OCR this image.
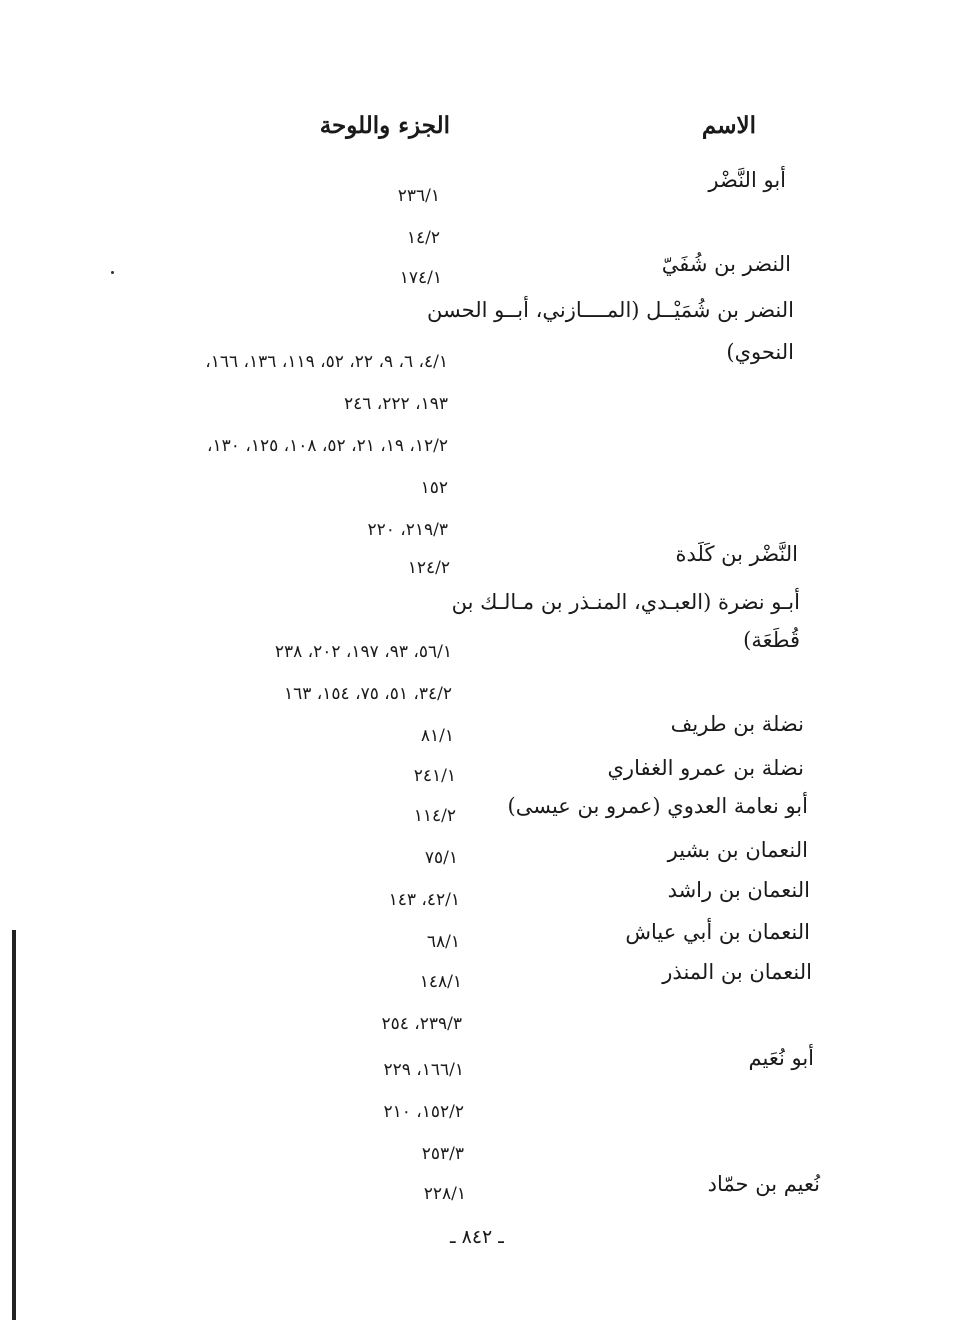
الاسم
الجزء واللوحة
أبو النَّضْر
٢٣٦/١
١٤/٢
النضر بن شُفَيّ
١٧٤/١
النضر بن شُمَيْــل (المــــازني، أبــو الحسن
النحوي)
٤/١، ٦، ٩، ٢٢، ٥٢، ١١٩، ١٣٦، ١٦٦،
١٩٣، ٢٢٢، ٢٤٦
١٢/٢، ١٩، ٢١، ٥٢، ١٠٨، ١٢٥، ١٣٠،
١٥٢
٢١٩/٣، ٢٢٠
النَّضْر بن كَلَدة
١٢٤/٢
أبـو نضرة (العبـدي، المنـذر بن مـالـك بن
قُطَعَة)
٥٦/١، ٩٣، ١٩٧، ٢٠٢، ٢٣٨
٣٤/٢، ٥١، ٧٥، ١٥٤، ١٦٣
نضلة بن طريف
٨١/١
نضلة بن عمرو الغفاري
٢٤١/١
أبو نعامة العدوي (عمرو بن عيسى)
١١٤/٢
النعمان بن بشير
٧٥/١
النعمان بن راشد
٤٢/١، ١٤٣
النعمان بن أبي عياش
٦٨/١
النعمان بن المنذر
١٤٨/١
٢٣٩/٣، ٢٥٤
أبو نُعَيم
١٦٦/١، ٢٢٩
١٥٢/٢، ٢١٠
٢٥٣/٣
نُعيم بن حمّاد
٢٢٨/١
ـ ٨٤٢ ـ
